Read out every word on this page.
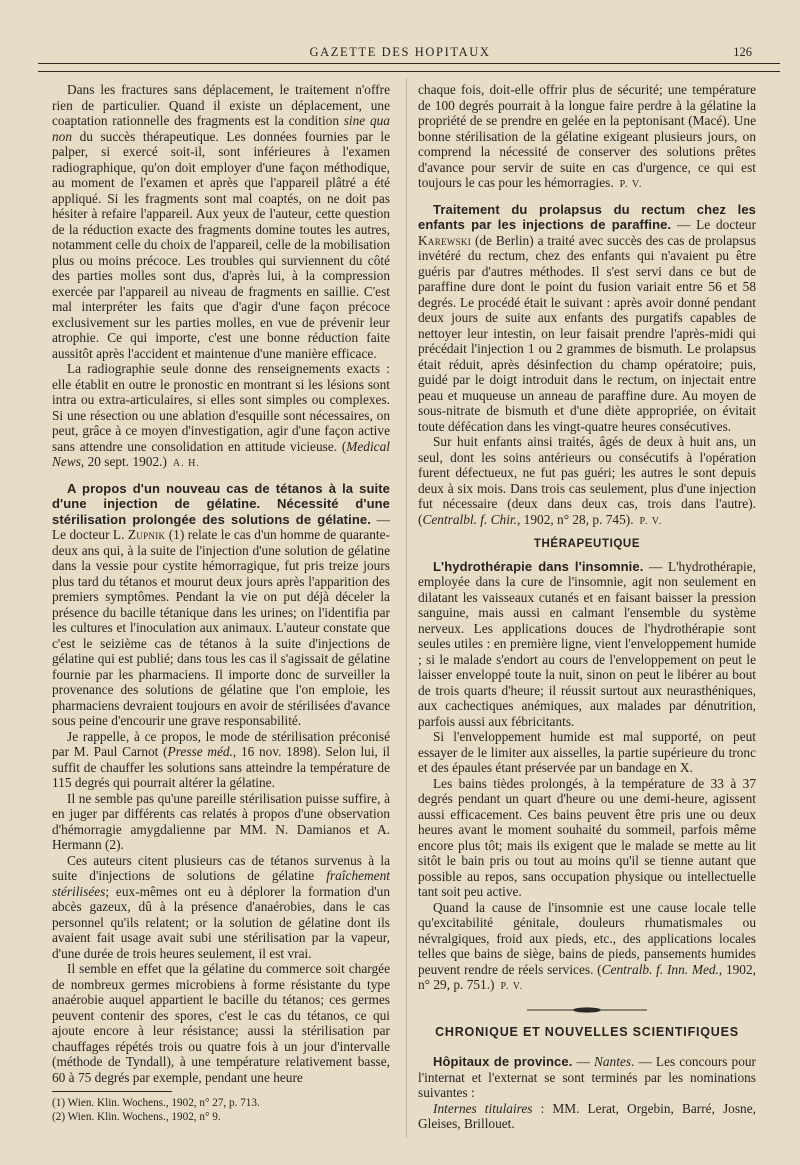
GAZETTE DES HOPITAUX	126

Dans les fractures sans déplacement, le traitement n'offre rien de particulier. Quand il existe un déplacement, une coaptation rationnelle des fragments est la condition sine qua non du succès thérapeutique. Les données fournies par le palper, si exercé soit-il, sont inférieures à l'examen radiographique, qu'on doit employer d'une façon méthodique, au moment de l'examen et après que l'appareil plâtré a été appliqué. Si les fragments sont mal coaptés, on ne doit pas hésiter à refaire l'appareil. Aux yeux de l'auteur, cette question de la réduction exacte des fragments domine toutes les autres, notamment celle du choix de l'appareil, celle de la mobilisation plus ou moins précoce. Les troubles qui surviennent du côté des parties molles sont dus, d'après lui, à la compression exercée par l'appareil au niveau de fragments en saillie. C'est mal interpréter les faits que d'agir d'une façon précoce exclusivement sur les parties molles, en vue de prévenir leur atrophie. Ce qui importe, c'est une bonne réduction faite aussitôt après l'accident et maintenue d'une manière efficace.

La radiographie seule donne des renseignements exacts : elle établit en outre le pronostic en montrant si les lésions sont intra ou extra-articulaires, si elles sont simples ou complexes. Si une résection ou une ablation d'esquille sont nécessaires, on peut, grâce à ce moyen d'investigation, agir d'une façon active sans attendre une consolidation en attitude vicieuse. (Medical News, 20 sept. 1902.) A. H.

A propos d'un nouveau cas de tétanos à la suite d'une injection de gélatine. Nécessité d'une stérilisation prolongée des solutions de gélatine. — Le docteur L. Zupnik (1) relate le cas d'un homme de quarante-deux ans qui, à la suite de l'injection d'une solution de gélatine dans la vessie pour cystite hémorragique, fut pris treize jours plus tard du tétanos et mourut deux jours après l'apparition des premiers symptômes. Pendant la vie on put déjà déceler la présence du bacille tétanique dans les urines; on l'identifia par les cultures et l'inoculation aux animaux. L'auteur constate que c'est le seizième cas de tétanos à la suite d'injections de gélatine qui est publié; dans tous les cas il s'agissait de gélatine fournie par les pharmaciens. Il importe donc de surveiller la provenance des solutions de gélatine que l'on emploie, les pharmaciens devraient toujours en avoir de stérilisées d'avance sous peine d'encourir une grave responsabilité.

Je rappelle, à ce propos, le mode de stérilisation préconisé par M. Paul Carnot (Presse méd., 16 nov. 1898). Selon lui, il suffit de chauffer les solutions sans atteindre la température de 115 degrés qui pourrait altérer la gélatine.

Il ne semble pas qu'une pareille stérilisation puisse suffire, à en juger par différents cas relatés à propos d'une observation d'hémorragie amygdalienne par MM. N. Damianos et A. Hermann (2).

Ces auteurs citent plusieurs cas de tétanos survenus à la suite d'injections de solutions de gélatine fraîchement stérilisées; eux-mêmes ont eu à déplorer la formation d'un abcès gazeux, dû à la présence d'anaérobies, dans le cas personnel qu'ils relatent; or la solution de gélatine dont ils avaient fait usage avait subi une stérilisation par la vapeur, d'une durée de trois heures seulement, il est vrai.

Il semble en effet que la gélatine du commerce soit chargée de nombreux germes microbiens à forme résistante du type anaérobie auquel appartient le bacille du tétanos; ces germes peuvent contenir des spores, c'est le cas du tétanos, ce qui ajoute encore à leur résistance; aussi la stérilisation par chauffages répétés trois ou quatre fois à un jour d'intervalle (méthode de Tyndall), à une température relativement basse, 60 à 75 degrés par exemple, pendant une heure

(1) Wien. Klin. Wochens., 1902, n° 27, p. 713.

(2) Wien. Klin. Wochens., 1902, n° 9.

chaque fois, doit-elle offrir plus de sécurité; une température de 100 degrés pourrait à la longue faire perdre à la gélatine la propriété de se prendre en gelée en la peptonisant (Macé). Une bonne stérilisation de la gélatine exigeant plusieurs jours, on comprend la nécessité de conserver des solutions prêtes d'avance pour servir de suite en cas d'urgence, ce qui est toujours le cas pour les hémorragies. P. V.

Traitement du prolapsus du rectum chez les enfants par les injections de paraffine. — Le docteur Karewski (de Berlin) a traité avec succès des cas de prolapsus invétéré du rectum, chez des enfants qui n'avaient pu être guéris par d'autres méthodes. Il s'est servi dans ce but de paraffine dure dont le point du fusion variait entre 56 et 58 degrés. Le procédé était le suivant : après avoir donné pendant deux jours de suite aux enfants des purgatifs capables de nettoyer leur intestin, on leur faisait prendre l'après-midi qui précédait l'injection 1 ou 2 grammes de bismuth. Le prolapsus était réduit, après désinfection du champ opératoire; puis, guidé par le doigt introduit dans le rectum, on injectait entre peau et muqueuse un anneau de paraffine dure. Au moyen de sous-nitrate de bismuth et d'une diète appropriée, on évitait toute défécation dans les vingt-quatre heures consécutives.

Sur huit enfants ainsi traités, âgés de deux à huit ans, un seul, dont les soins antérieurs ou consécutifs à l'opération furent défectueux, ne fut pas guéri; les autres le sont depuis deux à six mois. Dans trois cas seulement, plus d'une injection fut nécessaire (deux dans deux cas, trois dans l'autre). (Centralbl. f. Chir., 1902, n° 28, p. 745). P. V.

THÉRAPEUTIQUE

L'hydrothérapie dans l'insomnie. — L'hydrothérapie, employée dans la cure de l'insomnie, agit non seulement en dilatant les vaisseaux cutanés et en faisant baisser la pression sanguine, mais aussi en calmant l'ensemble du système nerveux. Les applications douces de l'hydrothérapie sont seules utiles : en première ligne, vient l'enveloppement humide ; si le malade s'endort au cours de l'enveloppement on peut le laisser enveloppé toute la nuit, sinon on peut le libérer au bout de trois quarts d'heure; il réussit surtout aux neurasthéniques, aux cachectiques anémiques, aux malades par dénutrition, parfois aussi aux fébricitants.

Si l'enveloppement humide est mal supporté, on peut essayer de le limiter aux aisselles, la partie supérieure du tronc et des épaules étant préservée par un bandage en X.

Les bains tièdes prolongés, à la température de 33 à 37 degrés pendant un quart d'heure ou une demi-heure, agissent aussi efficacement. Ces bains peuvent être pris une ou deux heures avant le moment souhaité du sommeil, parfois même encore plus tôt; mais ils exigent que le malade se mette au lit sitôt le bain pris ou tout au moins qu'il se tienne autant que possible au repos, sans occupation physique ou intellectuelle tant soit peu active.

Quand la cause de l'insomnie est une cause locale telle qu'excitabilité génitale, douleurs rhumatismales ou névralgiques, froid aux pieds, etc., des applications locales telles que bains de siège, bains de pieds, pansements humides peuvent rendre de réels services. (Centralb. f. Inn. Med., 1902, n° 29, p. 751.) P. V.

CHRONIQUE ET NOUVELLES SCIENTIFIQUES

Hôpitaux de province. — Nantes. — Les concours pour l'internat et l'externat se sont terminés par les nominations suivantes :

Internes titulaires : MM. Lerat, Orgebin, Barré, Josne, Gleises, Brillouet.
